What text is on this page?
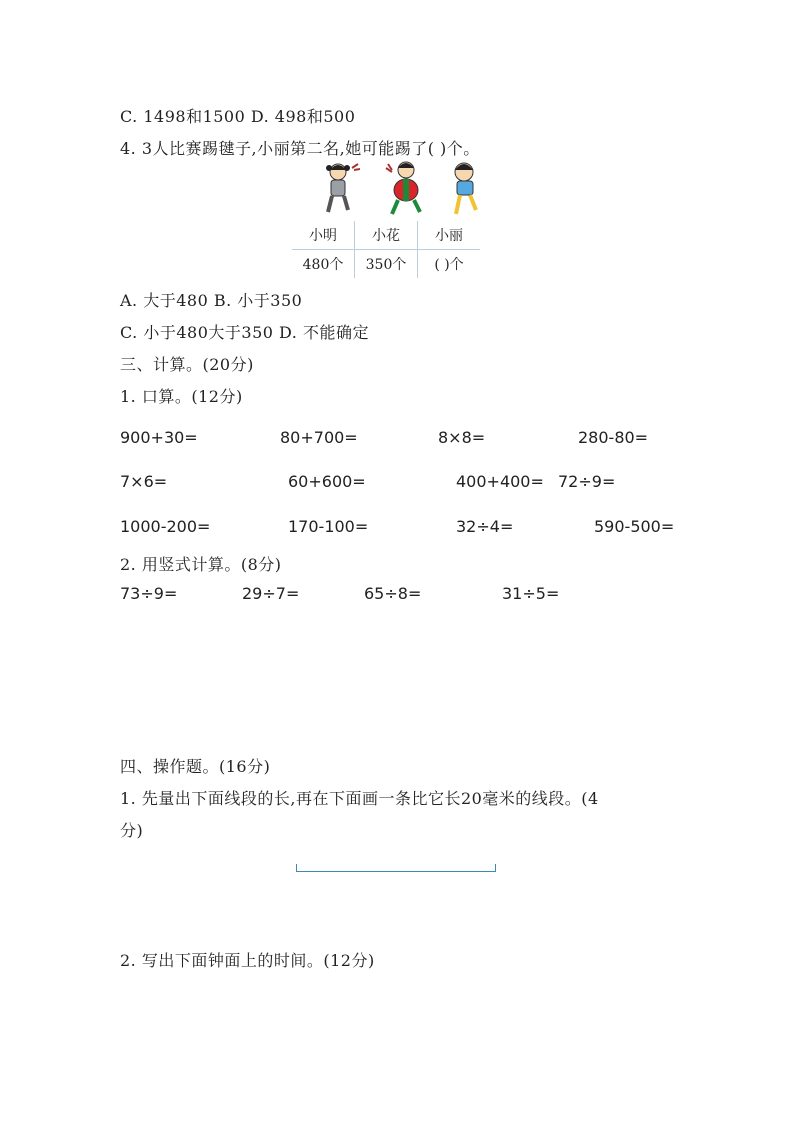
C. 1498和1500 D. 498和500
4. 3人比赛踢毽子,小丽第二名,她可能踢了( )个。
小明	小花	小丽
480个	350个	( )个
A. 大于480 B. 小于350
C. 小于480大于350 D. 不能确定
三、计算。(20分)
1. 口算。(12分)
900+30=	80+700=	8×8=	280-80=
7×6=	60+600=	400+400= 72÷9=
1000-200=	170-100=	32÷4=	590-500=
2. 用竖式计算。(8分)
73÷9=	29÷7=	65÷8=	31÷5=
四、操作题。(16分)
1. 先量出下面线段的长,再在下面画一条比它长20毫米的线段。(4
分)
2. 写出下面钟面上的时间。(12分)
